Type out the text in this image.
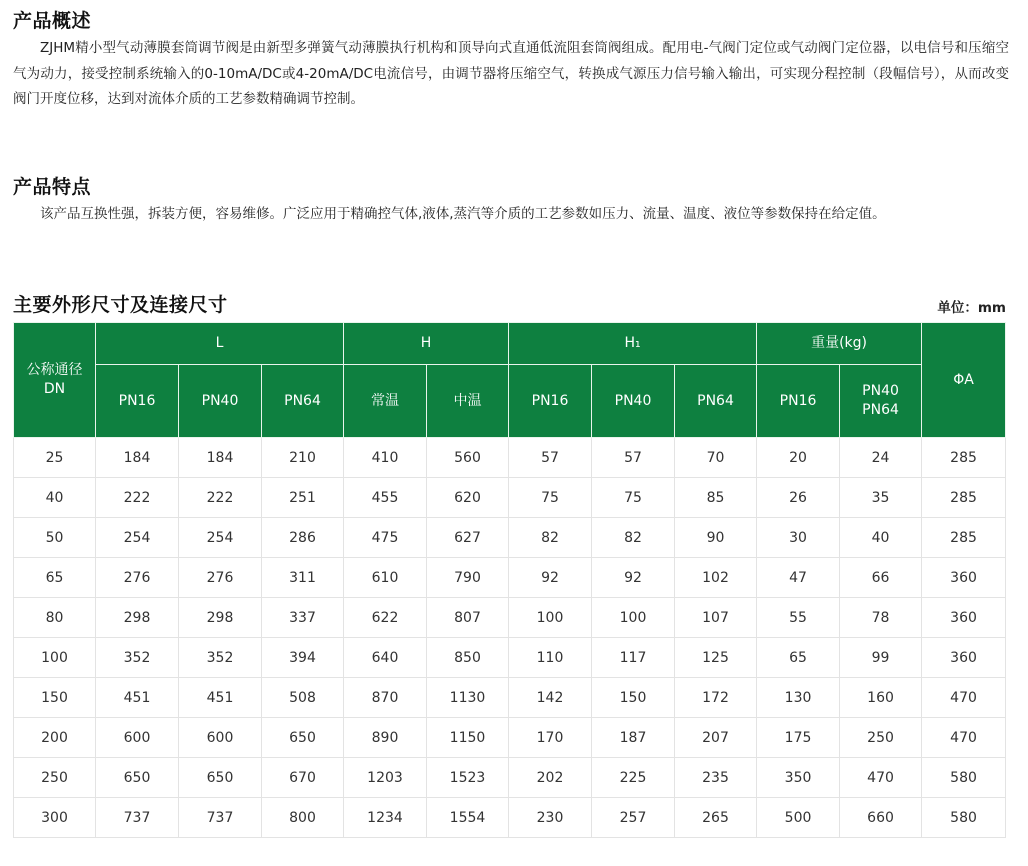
产品概述

ZJHM精小型气动薄膜套筒调节阀是由新型多弹簧气动薄膜执行机构和顶导向式直通低流阻套筒阀组成。配用电-气阀门定位或气动阀门定位器，以电信号和压缩空气为动力，接受控制系统输入的0-10mA/DC或4-20mA/DC电流信号，由调节器将压缩空气，转换成气源压力信号输入输出，可实现分程控制（段幅信号），从而改变阀门开度位移，达到对流体介质的工艺参数精确调节控制。

产品特点

该产品互换性强，拆装方便，容易维修。广泛应用于精确控气体,液体,蒸汽等介质的工艺参数如压力、流量、温度、液位等参数保持在给定值。

主要外形尺寸及连接尺寸	单位：mm
公称通径DN	L			H		H₁			重量(kg)		ΦA
	PN16	PN40	PN64	常温	中温	PN16	PN40	PN64	PN16	PN40
PN64	
25	184	184	210	410	560	57	57	70	20	24	285
40	222	222	251	455	620	75	75	85	26	35	285
50	254	254	286	475	627	82	82	90	30	40	285
65	276	276	311	610	790	92	92	102	47	66	360
80	298	298	337	622	807	100	100	107	55	78	360
100	352	352	394	640	850	110	117	125	65	99	360
150	451	451	508	870	1130	142	150	172	130	160	470
200	600	600	650	890	1150	170	187	207	175	250	470
250	650	650	670	1203	1523	202	225	235	350	470	580
300	737	737	800	1234	1554	230	257	265	500	660	580
